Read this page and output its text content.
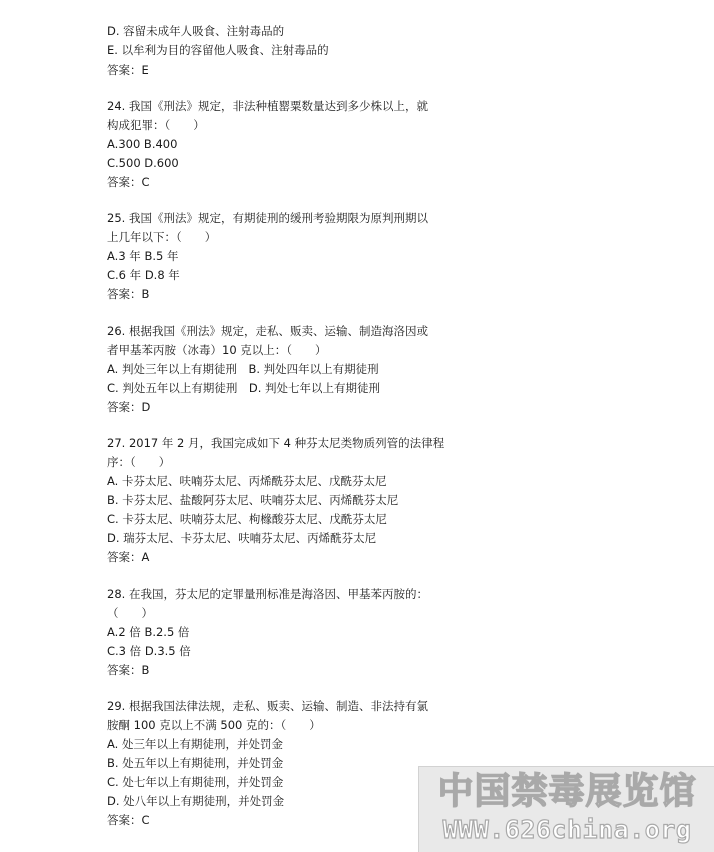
D. 容留未成年人吸食、注射毒品的
E. 以牟利为目的容留他人吸食、注射毒品的
答案：E
24. 我国《刑法》规定，非法种植罂粟数量达到多少株以上，就
构成犯罪：（　　）
A.300 B.400
C.500 D.600
答案：C
25. 我国《刑法》规定，有期徒刑的缓刑考验期限为原判刑期以
上几年以下：（　　）
A.3 年 B.5 年
C.6 年 D.8 年
答案：B
26. 根据我国《刑法》规定，走私、贩卖、运输、制造海洛因或
者甲基苯丙胺（冰毒）10 克以上：（　　）
A. 判处三年以上有期徒刑　B. 判处四年以上有期徒刑
C. 判处五年以上有期徒刑　D. 判处七年以上有期徒刑
答案：D
27. 2017 年 2 月，我国完成如下 4 种芬太尼类物质列管的法律程
序：（　　）
A. 卡芬太尼、呋喃芬太尼、丙烯酰芬太尼、戊酰芬太尼
B. 卡芬太尼、盐酸阿芬太尼、呋喃芬太尼、丙烯酰芬太尼
C. 卡芬太尼、呋喃芬太尼、枸橼酸芬太尼、戊酰芬太尼
D. 瑞芬太尼、卡芬太尼、呋喃芬太尼、丙烯酰芬太尼
答案：A
28. 在我国，芬太尼的定罪量刑标准是海洛因、甲基苯丙胺的：
（　　）
A.2 倍 B.2.5 倍
C.3 倍 D.3.5 倍
答案：B
29. 根据我国法律法规，走私、贩卖、运输、制造、非法持有氯
胺酮 100 克以上不满 500 克的：（　　）
A. 处三年以上有期徒刑，并处罚金
B. 处五年以上有期徒刑，并处罚金
C. 处七年以上有期徒刑，并处罚金
D. 处八年以上有期徒刑，并处罚金
答案：C
中国禁毒展览馆
WWW.626china.org
